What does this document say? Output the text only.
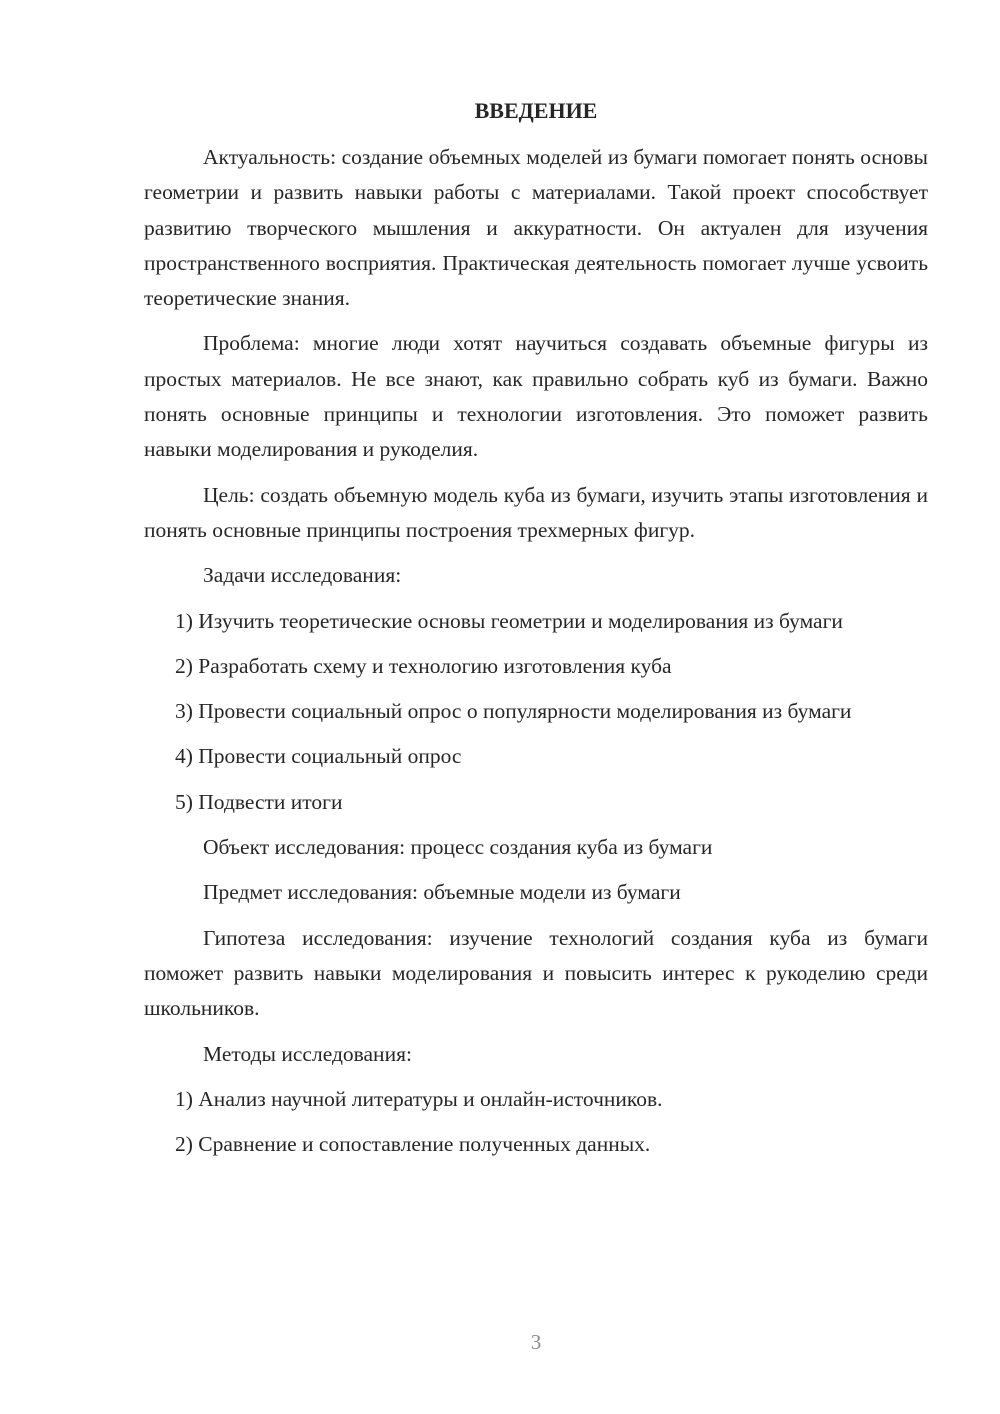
ВВЕДЕНИЕ
Актуальность: создание объемных моделей из бумаги помогает понять основы геометрии и развить навыки работы с материалами. Такой проект способствует развитию творческого мышления и аккуратности. Он актуален для изучения пространственного восприятия. Практическая деятельность помогает лучше усвоить теоретические знания.
Проблема: многие люди хотят научиться создавать объемные фигуры из простых материалов. Не все знают, как правильно собрать куб из бумаги. Важно понять основные принципы и технологии изготовления. Это поможет развить навыки моделирования и рукоделия.
Цель: создать объемную модель куба из бумаги, изучить этапы изготовления и понять основные принципы построения трехмерных фигур.
Задачи исследования:
1) Изучить теоретические основы геометрии и моделирования из бумаги
2) Разработать схему и технологию изготовления куба
3) Провести социальный опрос о популярности моделирования из бумаги
4) Провести социальный опрос
5) Подвести итоги
Объект исследования: процесс создания куба из бумаги
Предмет исследования: объемные модели из бумаги
Гипотеза исследования: изучение технологий создания куба из бумаги поможет развить навыки моделирования и повысить интерес к рукоделию среди школьников.
Методы исследования:
1) Анализ научной литературы и онлайн-источников.
2) Сравнение и сопоставление полученных данных.
3
